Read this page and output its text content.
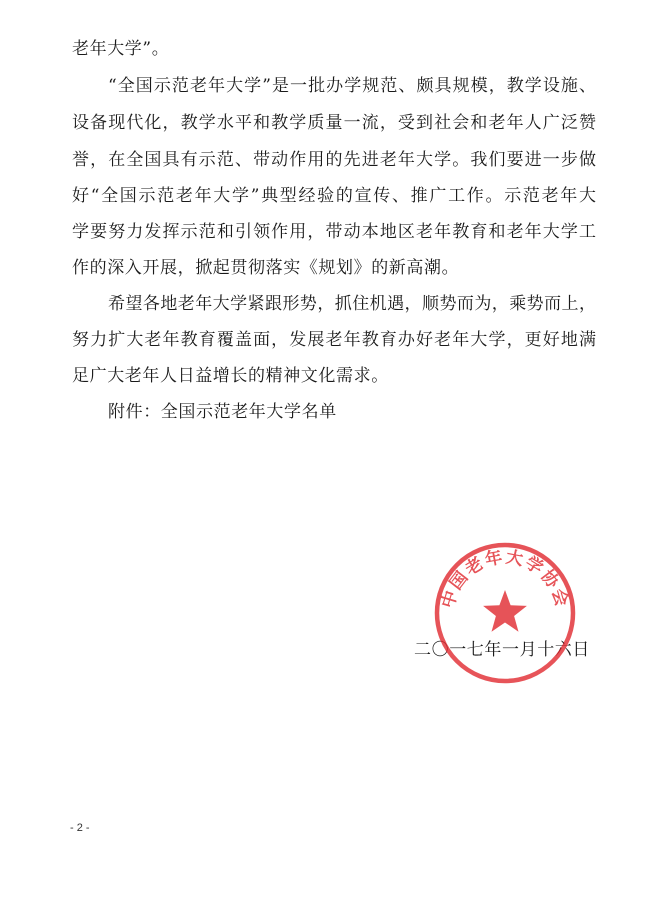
老年大学”。
“全国示范老年大学”是一批办学规范、颇具规模，教学设施、
设备现代化，教学水平和教学质量一流，受到社会和老年人广泛赞
誉，在全国具有示范、带动作用的先进老年大学。我们要进一步做
好“全国示范老年大学”典型经验的宣传、推广工作。示范老年大
学要努力发挥示范和引领作用，带动本地区老年教育和老年大学工
作的深入开展，掀起贯彻落实《规划》的新高潮。
希望各地老年大学紧跟形势，抓住机遇，顺势而为，乘势而上，
努力扩大老年教育覆盖面，发展老年教育办好老年大学，更好地满
足广大老年人日益增长的精神文化需求。
附件：全国示范老年大学名单
二〇一七年一月十六日
中国老年大学协会
- 2 -
